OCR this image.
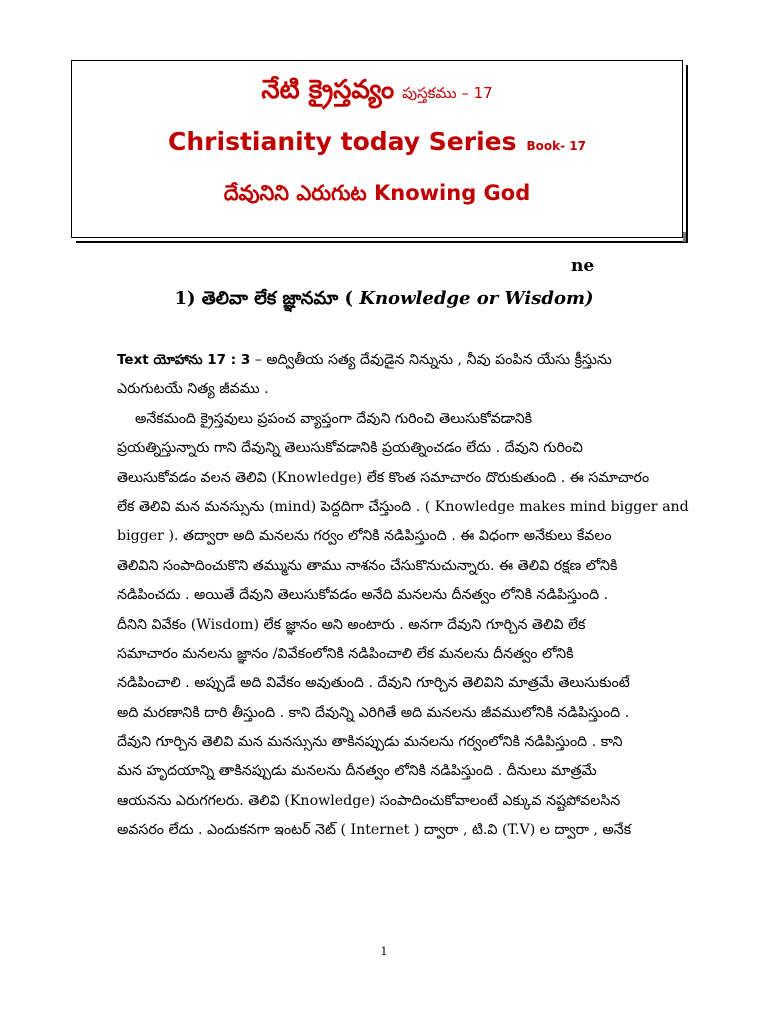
నేటి క్రైస్తవ్యం పుస్తకము – 17
Christianity today Series Book- 17
దేవునిని ఎరుగుట Knowing God
ne
1) తెలివా లేక జ్ఞానమా ( Knowledge or Wisdom)
Text యోహాను 17 : 3 – అద్వితీయ సత్య దేవుడైన నిన్నును , నీవు పంపిన యేసు క్రీస్తును
ఎరుగుటయే నిత్య జీవము .
అనేకమంది క్రైస్తవులు ప్రపంచ వ్యాప్తంగా దేవుని గురించి తెలుసుకోవడానికి
ప్రయత్నిస్తున్నారు గాని దేవున్ని తెలుసుకోవడానికి ప్రయత్నించడం లేదు . దేవుని గురించి
తెలుసుకోవడం వలన తెలివి (Knowledge) లేక కొంత సమాచారం దొరుకుతుంది . ఈ సమాచారం
లేక తెలివి మన మనస్సును (mind) పెద్దదిగా చేస్తుంది . ( Knowledge makes mind bigger and
bigger ). తద్వారా అది మనలను గర్వం లోనికి నడిపిస్తుంది . ఈ విధంగా అనేకులు కేవలం
తెలివిని సంపాదించుకొని తమ్మును తాము నాశనం చేసుకొనుచున్నారు. ఈ తెలివి రక్షణ లోనికి
నడిపించదు . అయితే దేవుని తెలుసుకోవడం అనేది మనలను దీనత్వం లోనికి నడిపిస్తుంది .
దీనిని వివేకం (Wisdom) లేక జ్ఞానం అని అంటారు . అనగా దేవుని గూర్చిన తెలివి లేక
సమాచారం మనలను జ్ఞానం /వివేకంలోనికి నడిపించాలి లేక మనలను దీనత్వం లోనికి
నడిపించాలి . అప్పుడే అది వివేకం అవుతుంది . దేవుని గూర్చిన తెలివిని మాత్రమే తెలుసుకుంటే
అది మరణానికి దారి తీస్తుంది . కాని దేవున్ని ఎరిగితే అది మనలను జీవములోనికి నడిపిస్తుంది .
దేవుని గూర్చిన తెలివి మన మనస్సును తాకినప్పుడు మనలను గర్వంలోనికి నడిపిస్తుంది . కాని
మన హృదయాన్ని తాకినప్పుడు మనలను దీనత్వం లోనికి నడిపిస్తుంది . దీనులు మాత్రమే
ఆయనను ఎరుగగలరు. తెలివి (Knowledge) సంపాదించుకోవాలంటే ఎక్కువ నష్టపోవలసిన
అవసరం లేదు . ఎందుకనగా ఇంటర్ నెట్ ( Internet ) ద్వారా , టి.వి (T.V) ల ద్వారా , అనేక
1
